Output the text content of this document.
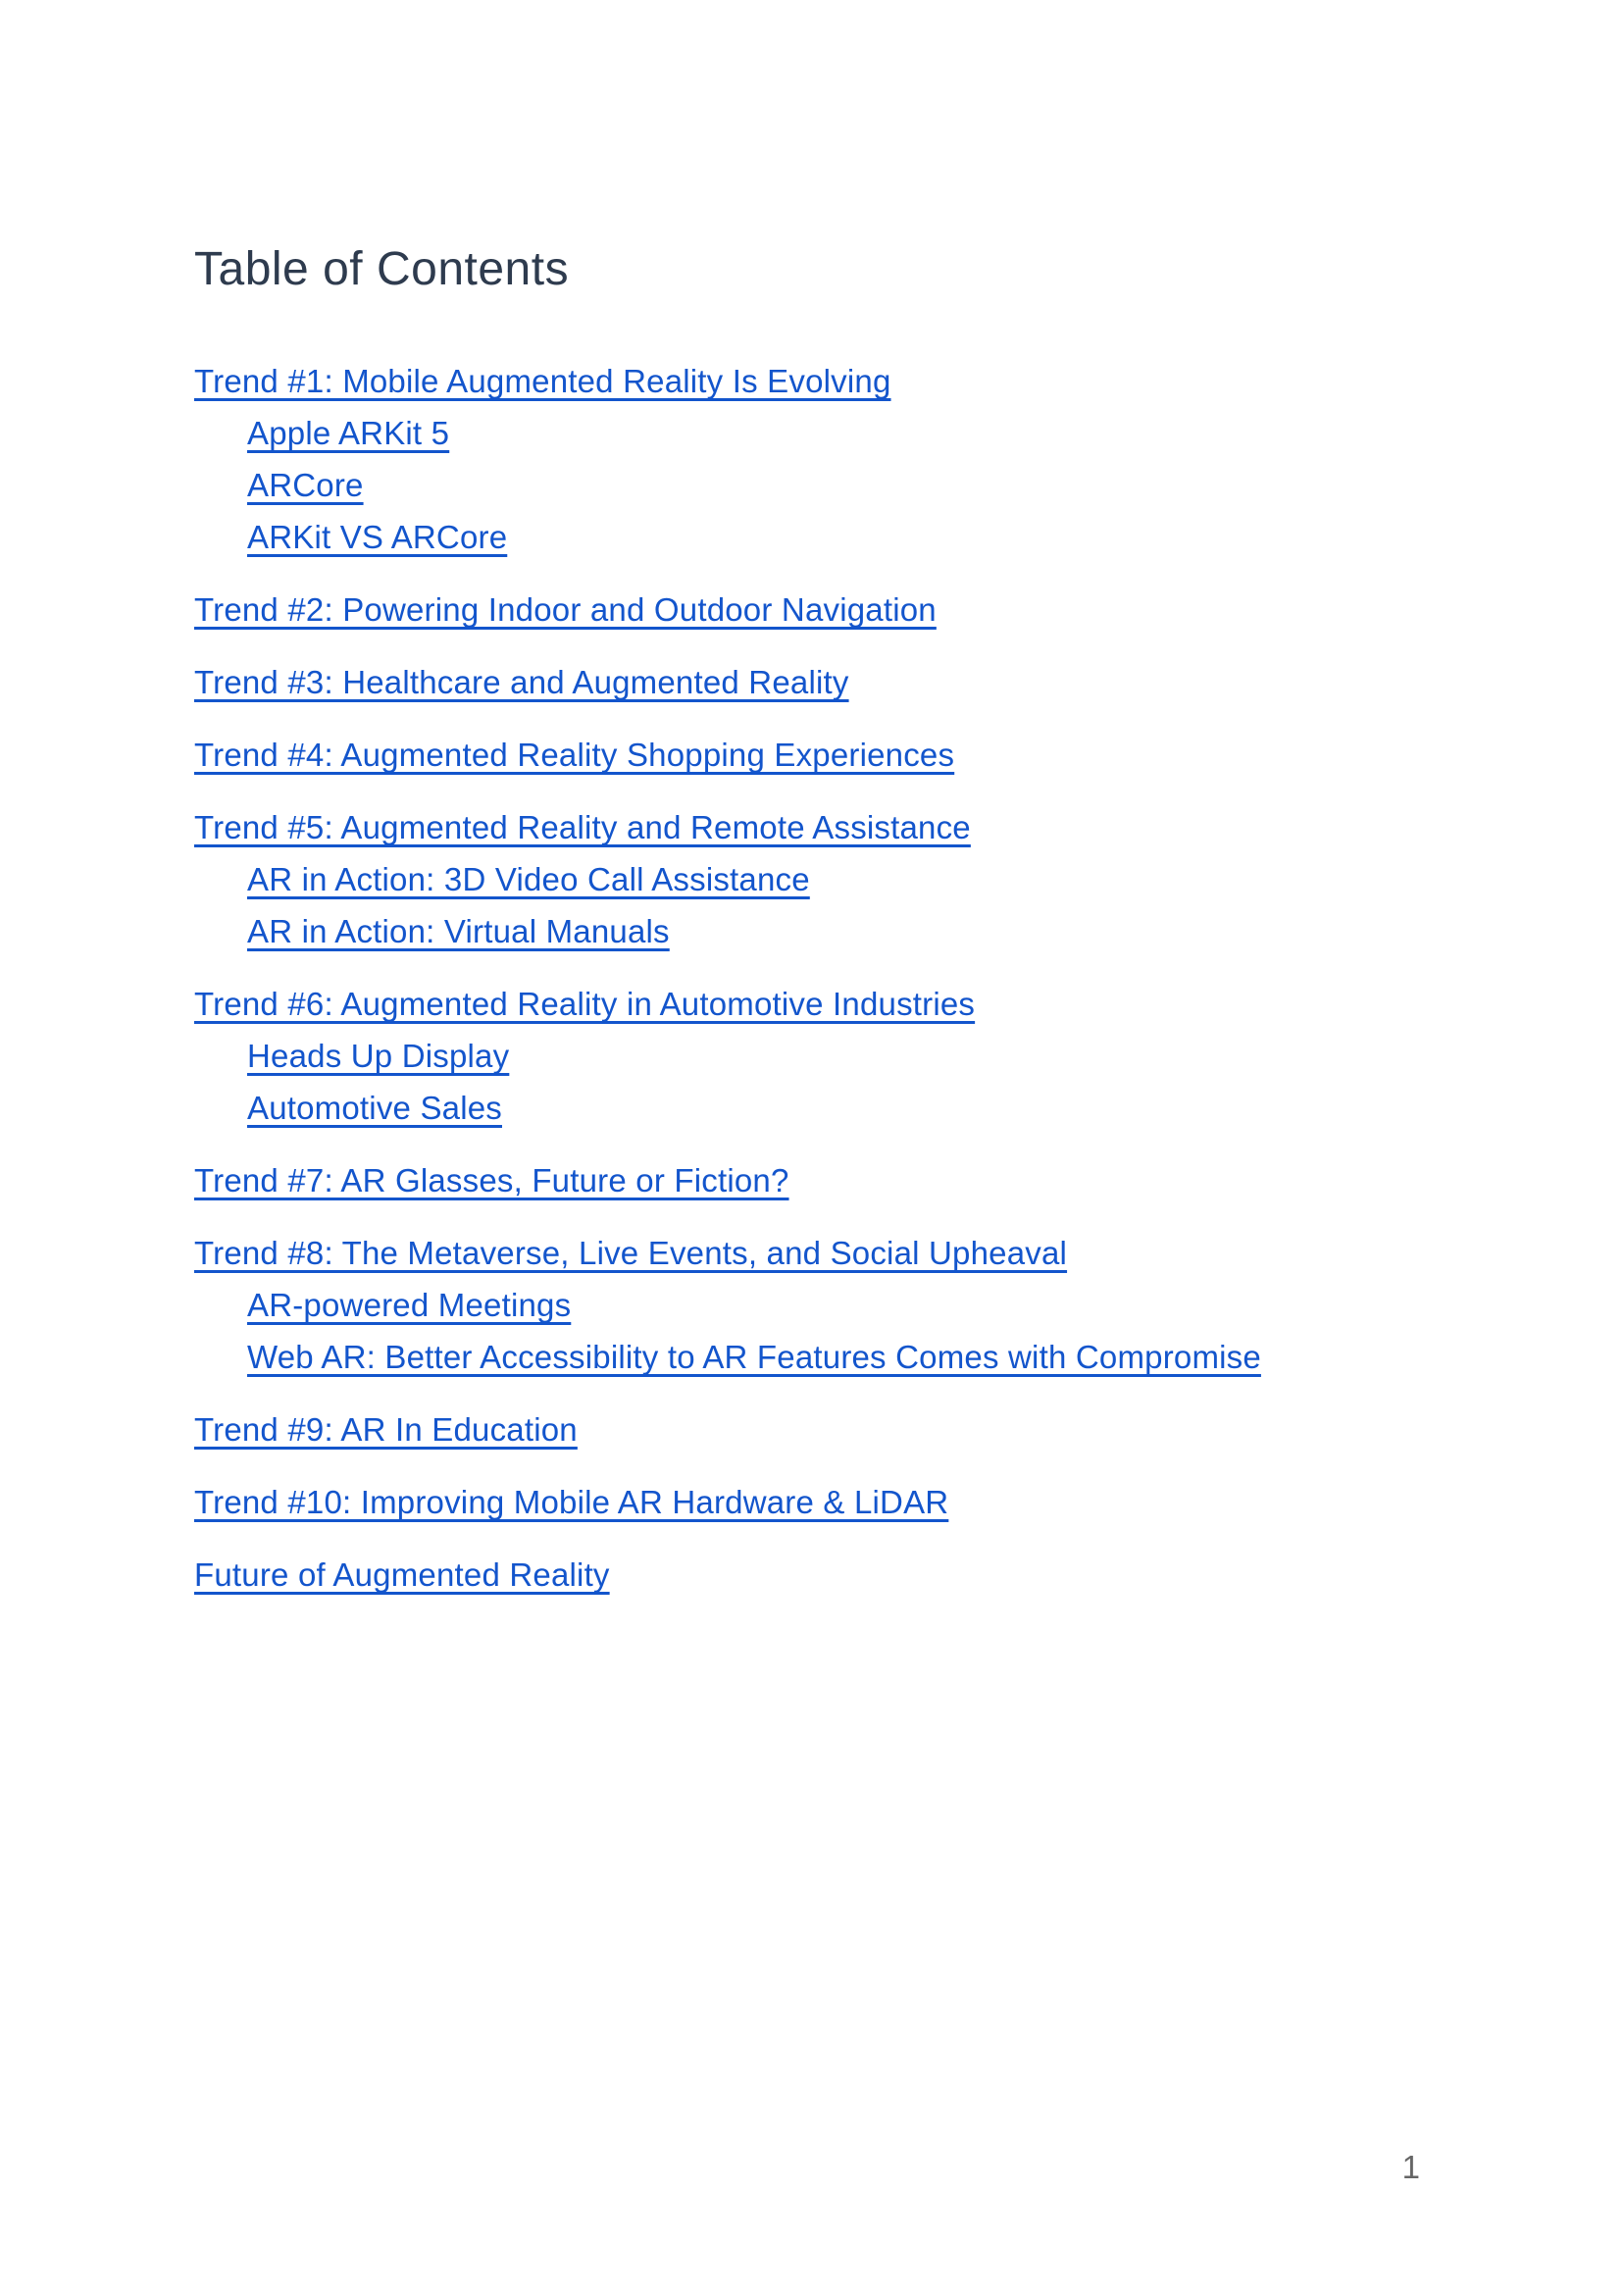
Table of Contents
Trend #1: Mobile Augmented Reality Is Evolving
Apple ARKit 5
ARCore
ARKit VS ARCore
Trend #2: Powering Indoor and Outdoor Navigation
Trend #3: Healthcare and Augmented Reality
Trend #4: Augmented Reality Shopping Experiences
Trend #5: Augmented Reality and Remote Assistance
AR in Action: 3D Video Call Assistance
AR in Action: Virtual Manuals
Trend #6: Augmented Reality in Automotive Industries
Heads Up Display
Automotive Sales
Trend #7: AR Glasses, Future or Fiction?
Trend #8: The Metaverse, Live Events, and Social Upheaval
AR-powered Meetings
Web AR: Better Accessibility to AR Features Comes with Compromise
Trend #9: AR In Education
Trend #10: Improving Mobile AR Hardware & LiDAR
Future of Augmented Reality
1
